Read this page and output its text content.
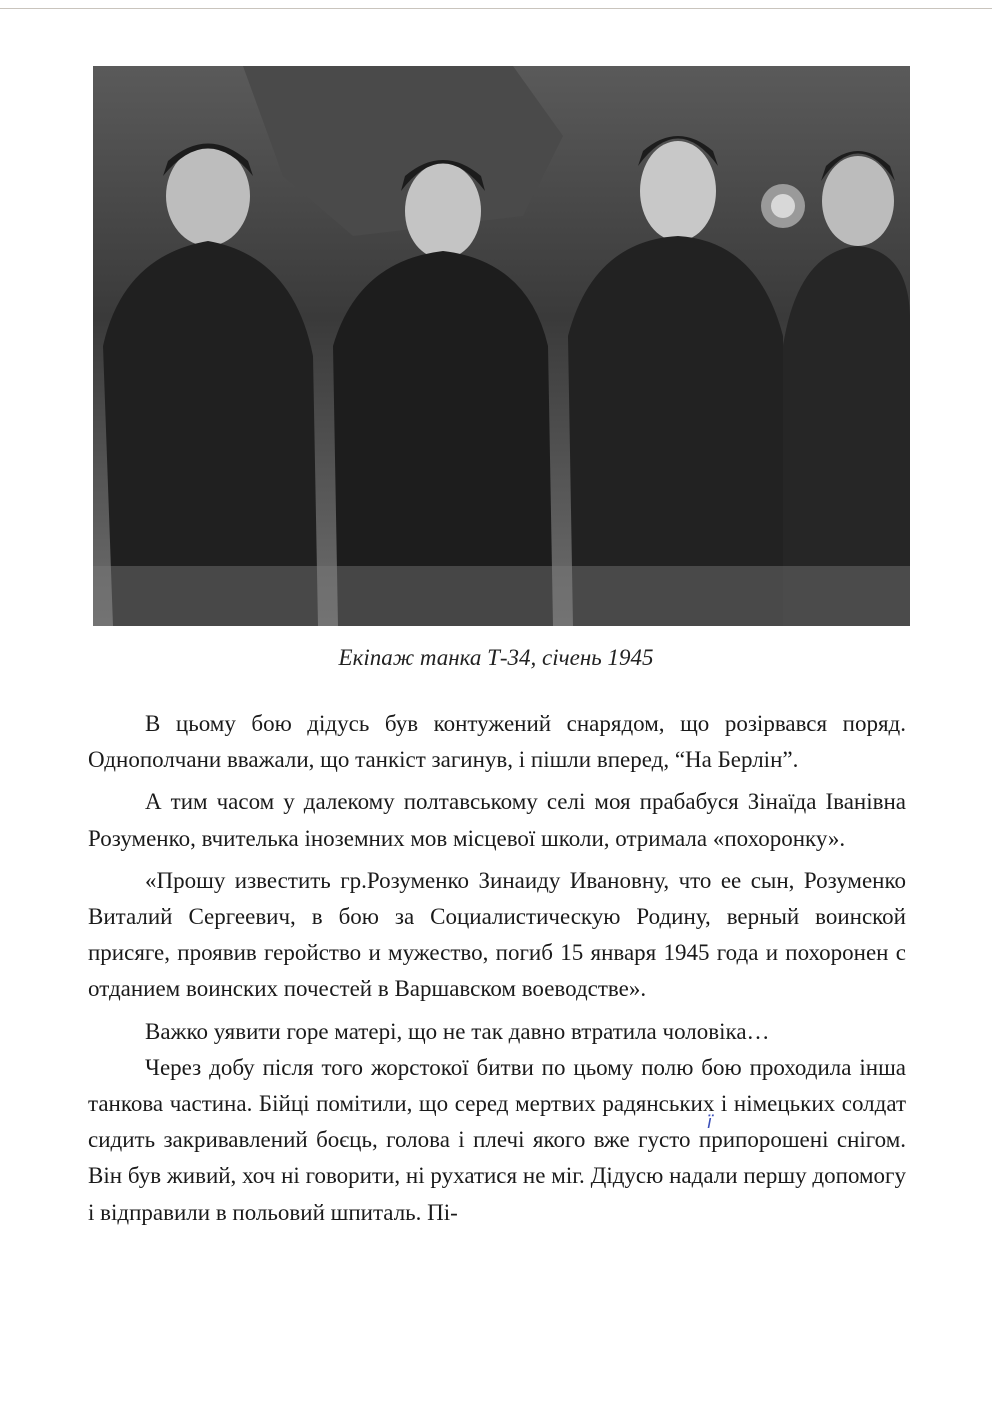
Екіпаж танка Т-34, січень 1945

В цьому бою дідусь був контужений снарядом, що розірвався поряд. Однополчани вважали, що танкіст загинув, і пішли вперед, “На Берлін”.

А тим часом у далекому полтавському селі моя прабабуся Зінаїда Іванівна Розуменко, вчителька іноземних мов місцевої школи, отримала «похоронку».

«Прошу известить гр.Розуменко Зинаиду Ивановну, что ее сын, Розуменко Виталий Сергеевич, в бою за Социалистическую Родину, верный воинской присяге, проявив геройство и мужество, погиб 15 января 1945 года и похоронен с отданием воинских почестей в Варшавском воеводстве».

Важко уявити горе матері, що не так давно втратила чоловіка…

Через добу після того жорстокої битви по цьому полю бою проходила інша танкова частина. Бійці помітили, що серед мертвих радянських і німецьких солдат сидить закривавлений боєць, голова і плечі якого вже густо припорошені снігом. Він був живий, хоч ні говорити, ні рухатися не міг. Дідусю надали першу допомогу і відправили в польовий шпиталь. Пі-

ї
